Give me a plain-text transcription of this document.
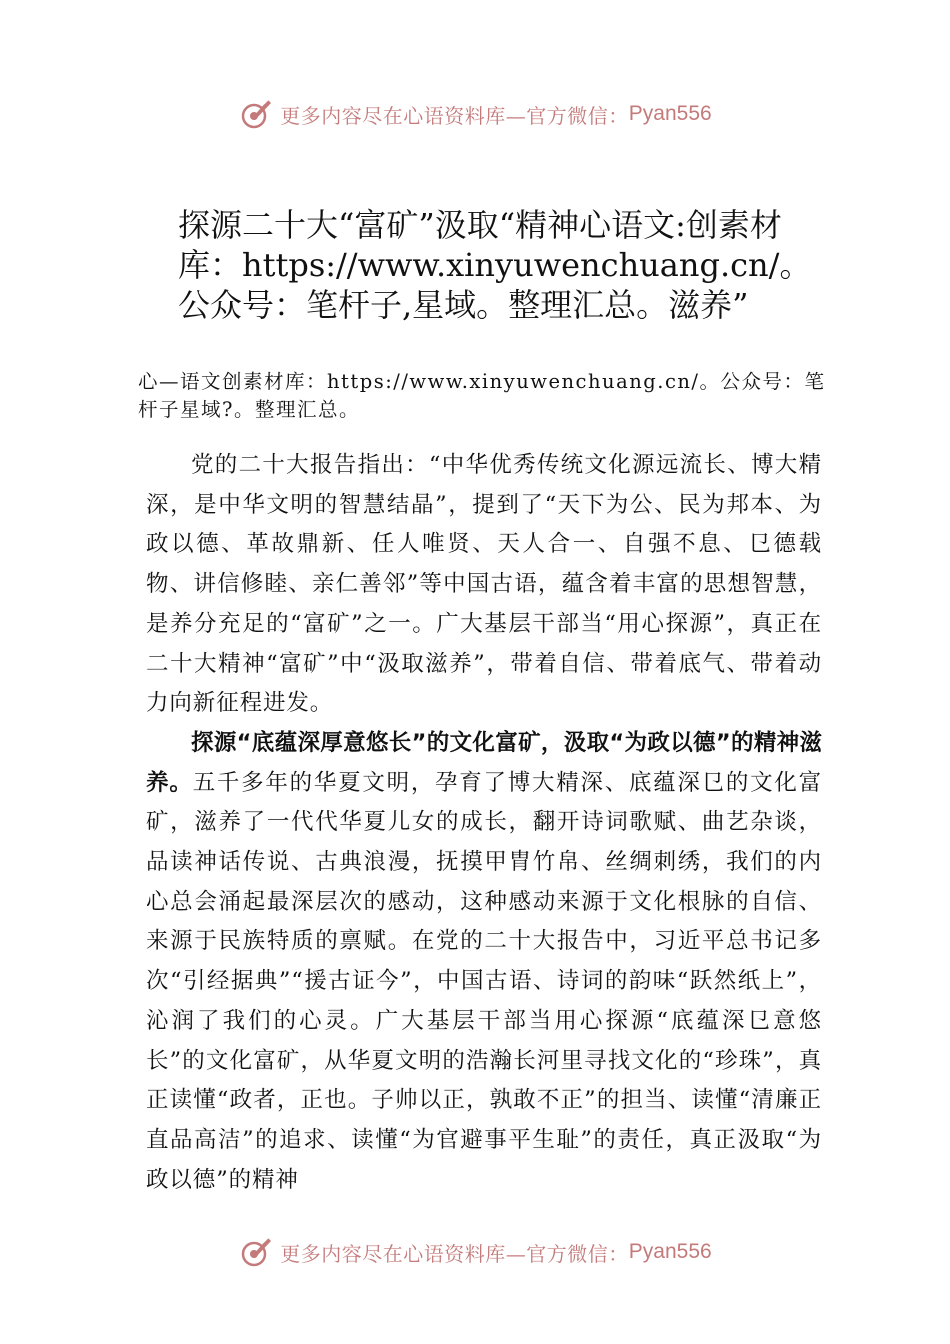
更多内容尽在心语资料库—官方微信： Pyan556
探源二十大“富矿”汲取“精神心语文:创素材库：https://www.xinyuwenchuang.cn/。公众号：笔杆子,星域。整理汇总。滋养”
心—语文创素材库：https://www.xinyuwenchuang.cn/。公众号：笔杆子星域?。整理汇总。

党的二十大报告指出：“中华优秀传统文化源远流长、博大精深，是中华文明的智慧结晶”，提到了“天下为公、民为邦本、为政以德、革故鼎新、任人唯贤、天人合一、自强不息、㔾德载物、讲信修睦、亲仁善邻”等中国古语，蕴含着丰富的思想智慧，是养分充足的“富矿”之一。广大基层干部当“用心探源”，真正在二十大精神“富矿”中“汲取滋养”，带着自信、带着底气、带着动力向新征程进发。

探源“底蕴深厚意悠长”的文化富矿，汲取“为政以德”的精神滋养。五千多年的华夏文明，孕育了博大精深、底蕴深㔾的文化富矿，滋养了一代代华夏儿女的成长，翻开诗词歌赋、曲艺杂谈，品读神话传说、古典浪漫，抚摸甲胄竹帛、丝绸刺绣，我们的内心总会涌起最深层次的感动，这种感动来源于文化根脉的自信、来源于民族特质的禀赋。在党的二十大报告中，习近平总书记多次“引经据典”“援古证今”，中国古语、诗词的韵味“跃然纸上”，沁润了我们的心灵。广大基层干部当用心探源“底蕴深㔾意悠长”的文化富矿，从华夏文明的浩瀚长河里寻找文化的“珍珠”，真正读懂“政者，正也。子帅以正，孰敢不正”的担当、读懂“清廉正直品高洁”的追求、读懂“为官避事平生耻”的责任，真正汲取“为政以德”的精神

更多内容尽在心语资料库—官方微信： Pyan556
